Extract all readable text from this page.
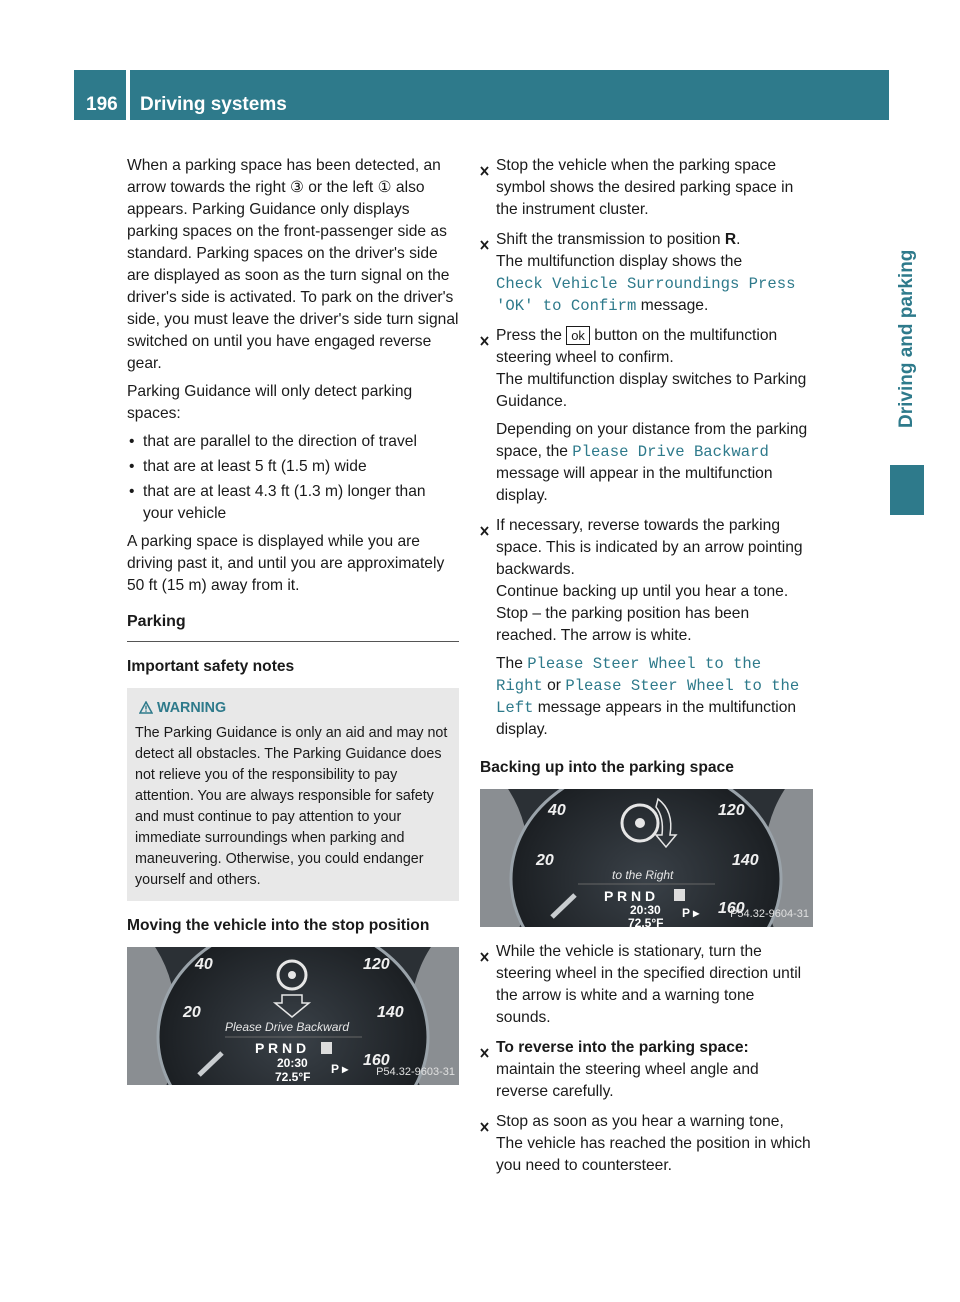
196	Driving systems
Driving and parking

When a parking space has been detected, an arrow towards the right ③ or the left ① also appears. Parking Guidance only displays parking spaces on the front-passenger side as standard. Parking spaces on the driver's side are displayed as soon as the turn signal on the driver's side is activated. To park on the driver's side, you must leave the driver's side turn signal switched on until you have engaged reverse gear.

Parking Guidance will only detect parking spaces:

• that are parallel to the direction of travel
• that are at least 5 ft (1.5 m) wide
• that are at least 4.3 ft (1.3 m) longer than your vehicle

A parking space is displayed while you are driving past it, and until you are approximately 50 ft (15 m) away from it.

Parking
Important safety notes
WARNING
The Parking Guidance is only an aid and may not detect all obstacles. The Parking Guidance does not relieve you of the responsibility to pay attention. You are always responsible for safety and must continue to pay attention to your immediate surroundings when parking and maneuvering. Otherwise, you could endanger yourself and others.
Moving the vehicle into the stop position
Please Drive Backward
P R N D
20:30
72.5°F
P ▸
40
20
120
140
160
P54.32-9603-31
Stop the vehicle when the parking space symbol shows the desired parking space in the instrument cluster.
Shift the transmission to position R.
The multifunction display shows the
Check Vehicle Surroundings Press 'OK' to Confirm message.
Press the ok button on the multifunction steering wheel to confirm.
The multifunction display switches to Parking Guidance.

Depending on your distance from the parking space, the Please Drive Backward message will appear in the multifunction display.

If necessary, reverse towards the parking space. This is indicated by an arrow pointing backwards.
Continue backing up until you hear a tone. Stop – the parking position has been reached. The arrow is white.

The Please Steer Wheel to the Right or Please Steer Wheel to the Left message appears in the multifunction display.

Backing up into the parking space
to the Right
P R N D
20:30
72.5°F
P ▸
40
20
120
140
160
P54.32-9604-31
While the vehicle is stationary, turn the steering wheel in the specified direction until the arrow is white and a warning tone sounds.
To reverse into the parking space:
maintain the steering wheel angle and reverse carefully.
Stop as soon as you hear a warning tone, The vehicle has reached the position in which you need to countersteer.
